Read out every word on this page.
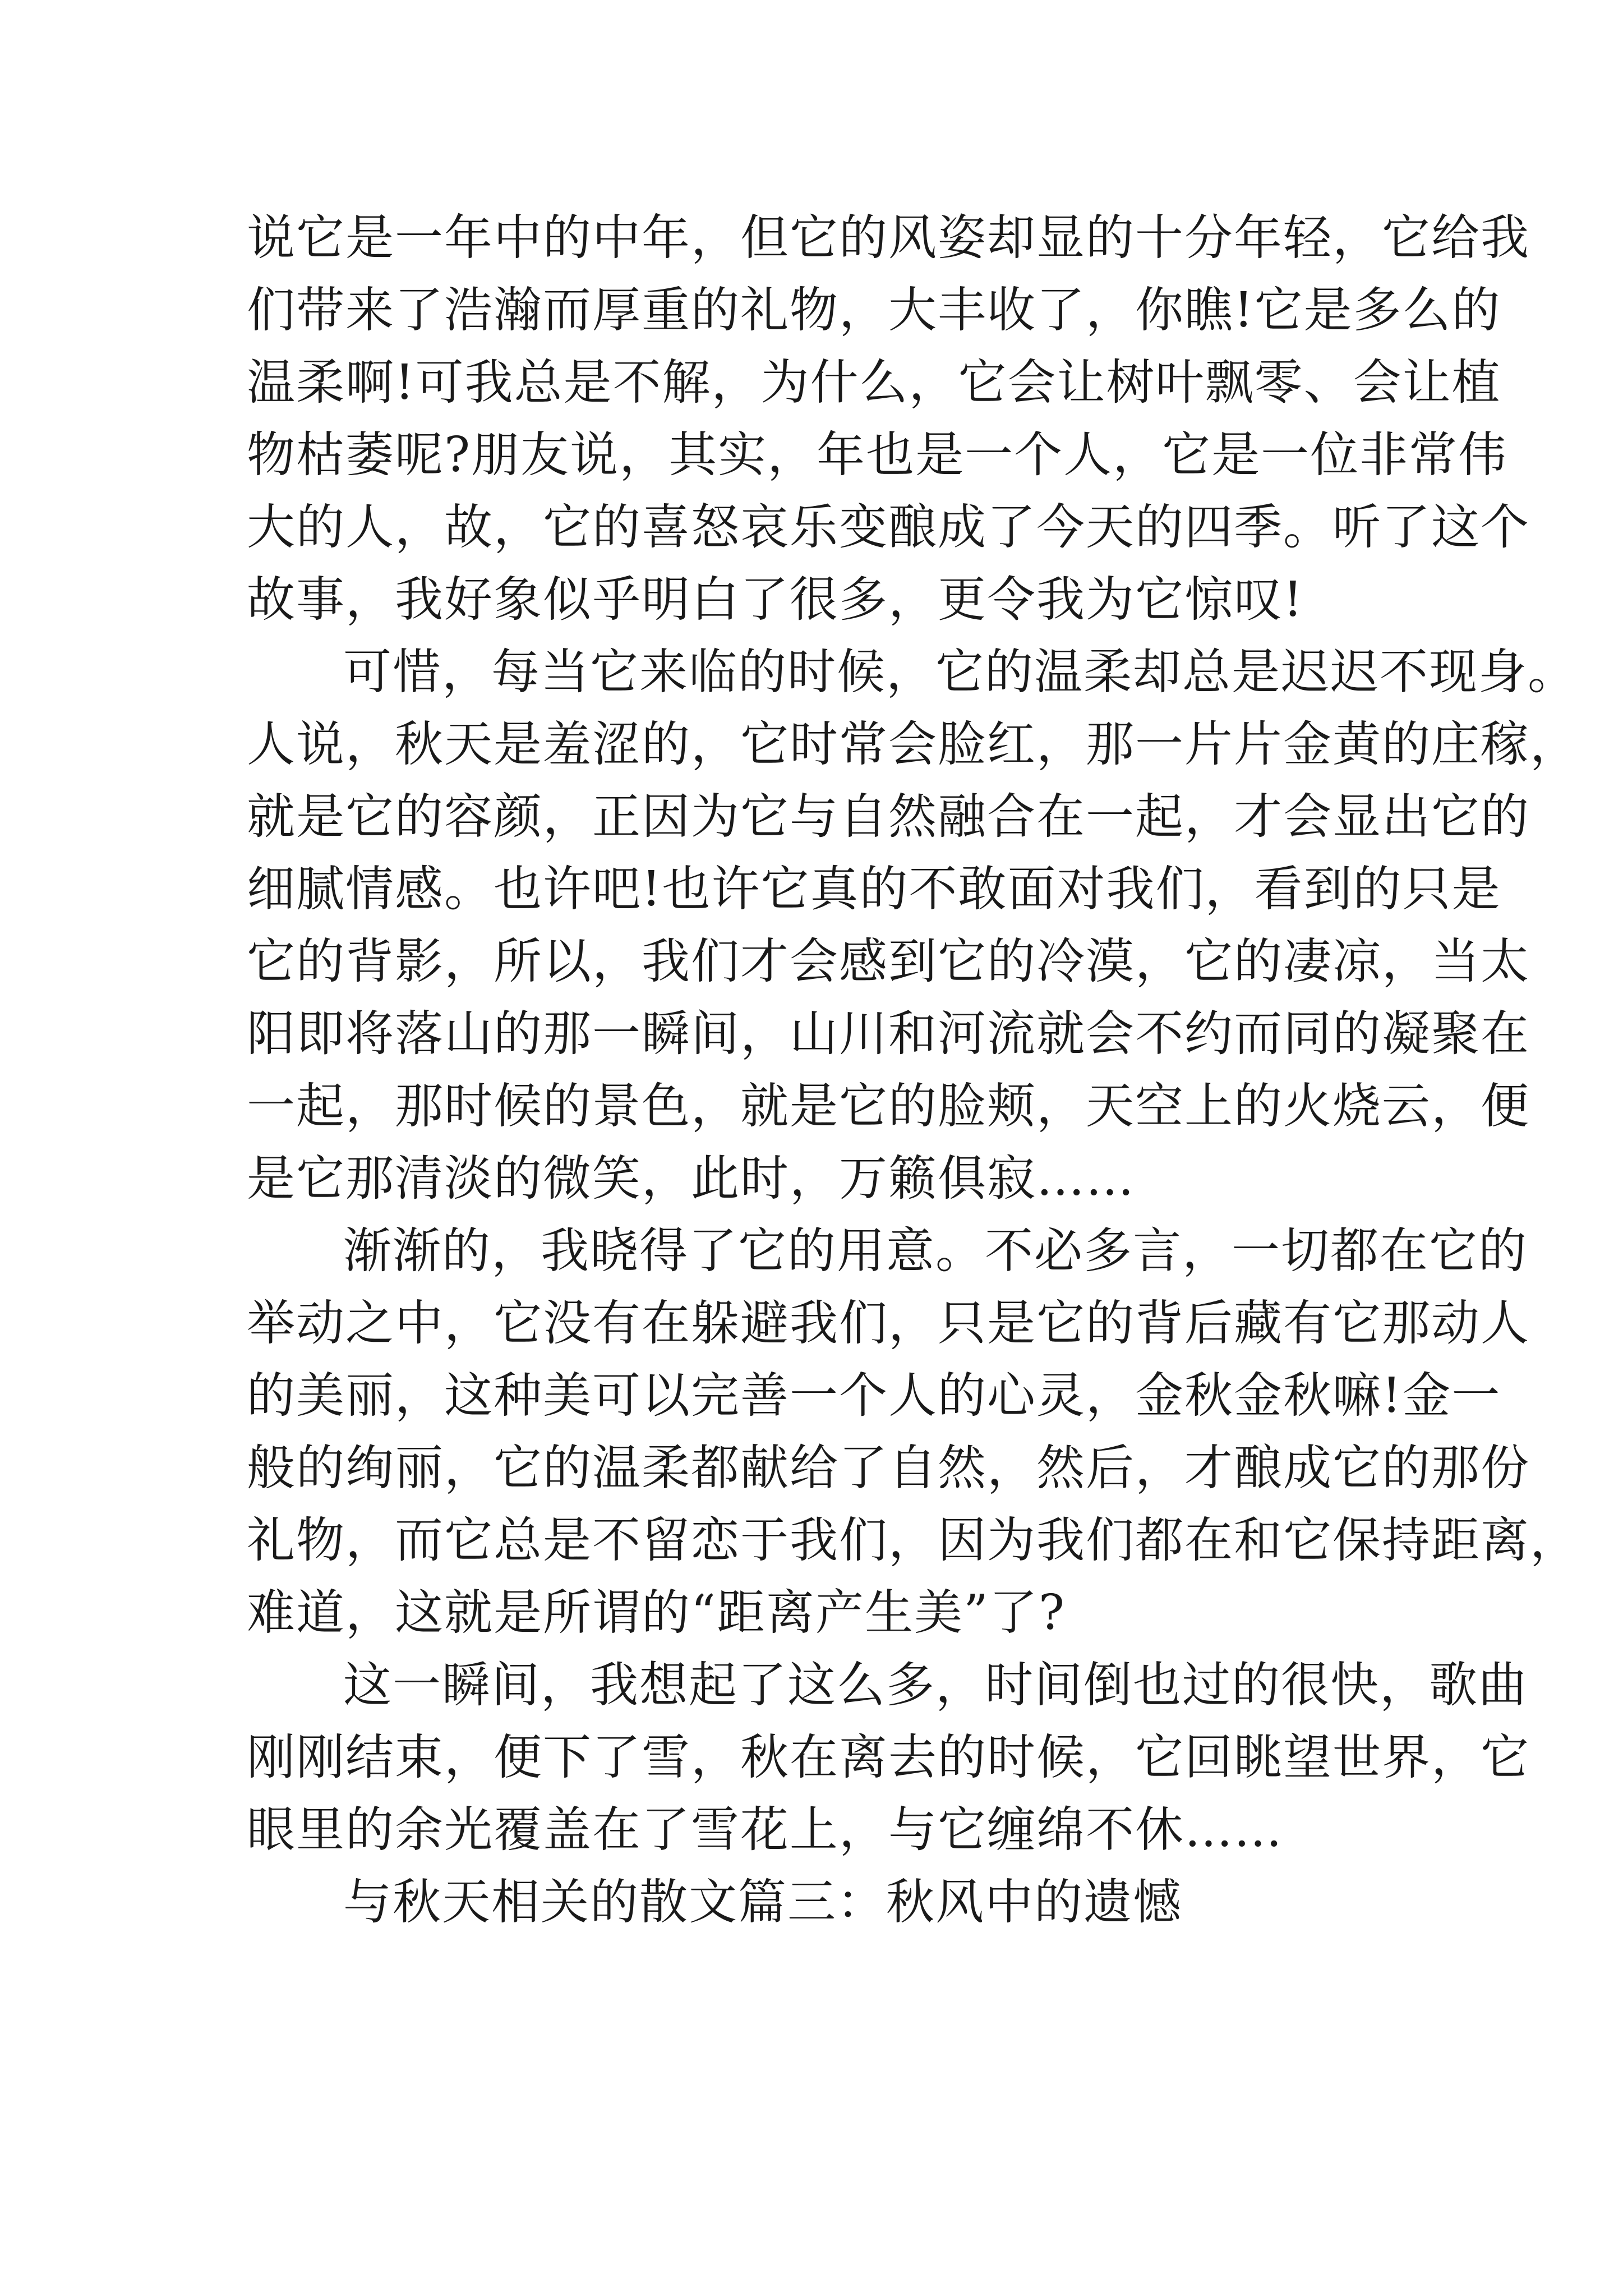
说它是一年中的中年，但它的风姿却显的十分年轻，它给我
们带来了浩瀚而厚重的礼物，大丰收了，你瞧!它是多么的
温柔啊!可我总是不解，为什么，它会让树叶飘零、会让植
物枯萎呢?朋友说，其实，年也是一个人，它是一位非常伟
大的人，故，它的喜怒哀乐变酿成了今天的四季。听了这个
故事，我好象似乎明白了很多，更令我为它惊叹!
可惜，每当它来临的时候，它的温柔却总是迟迟不现身。
人说，秋天是羞涩的，它时常会脸红，那一片片金黄的庄稼，
就是它的容颜，正因为它与自然融合在一起，才会显出它的
细腻情感。也许吧!也许它真的不敢面对我们，看到的只是
它的背影，所以，我们才会感到它的冷漠，它的凄凉，当太
阳即将落山的那一瞬间，山川和河流就会不约而同的凝聚在
一起，那时候的景色，就是它的脸颊，天空上的火烧云，便
是它那清淡的微笑，此时，万籁俱寂……
渐渐的，我晓得了它的用意。不必多言，一切都在它的
举动之中，它没有在躲避我们，只是它的背后藏有它那动人
的美丽，这种美可以完善一个人的心灵，金秋金秋嘛!金一
般的绚丽，它的温柔都献给了自然，然后，才酿成它的那份
礼物，而它总是不留恋于我们，因为我们都在和它保持距离，
难道，这就是所谓的“距离产生美”了?
这一瞬间，我想起了这么多，时间倒也过的很快，歌曲
刚刚结束，便下了雪，秋在离去的时候，它回眺望世界，它
眼里的余光覆盖在了雪花上，与它缠绵不休……
与秋天相关的散文篇三：秋风中的遗憾
